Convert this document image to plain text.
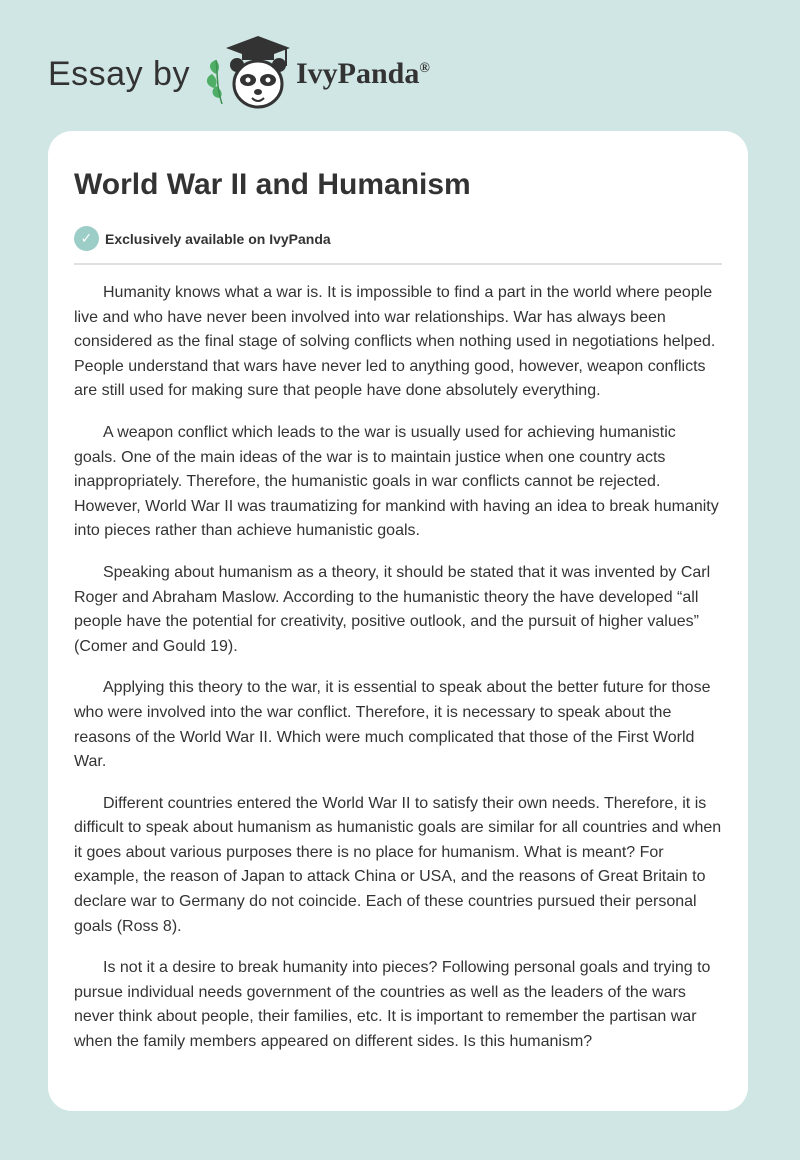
Essay by	IvyPanda®
World War II and Humanism
✓ Exclusively available on IvyPanda

Humanity knows what a war is. It is impossible to find a part in the world where people live and who have never been involved into war relationships. War has always been considered as the final stage of solving conflicts when nothing used in negotiations helped. People understand that wars have never led to anything good, however, weapon conflicts are still used for making sure that people have done absolutely everything.

A weapon conflict which leads to the war is usually used for achieving humanistic goals. One of the main ideas of the war is to maintain justice when one country acts inappropriately. Therefore, the humanistic goals in war conflicts cannot be rejected. However, World War II was traumatizing for mankind with having an idea to break humanity into pieces rather than achieve humanistic goals.

Speaking about humanism as a theory, it should be stated that it was invented by Carl Roger and Abraham Maslow. According to the humanistic theory the have developed “all people have the potential for creativity, positive outlook, and the pursuit of higher values” (Comer and Gould 19).

Applying this theory to the war, it is essential to speak about the better future for those who were involved into the war conflict. Therefore, it is necessary to speak about the reasons of the World War II. Which were much complicated that those of the First World War.

Different countries entered the World War II to satisfy their own needs. Therefore, it is difficult to speak about humanism as humanistic goals are similar for all countries and when it goes about various purposes there is no place for humanism. What is meant? For example, the reason of Japan to attack China or USA, and the reasons of Great Britain to declare war to Germany do not coincide. Each of these countries pursued their personal goals (Ross 8).

Is not it a desire to break humanity into pieces? Following personal goals and trying to pursue individual needs government of the countries as well as the leaders of the wars never think about people, their families, etc. It is important to remember the partisan war when the family members appeared on different sides. Is this humanism?
